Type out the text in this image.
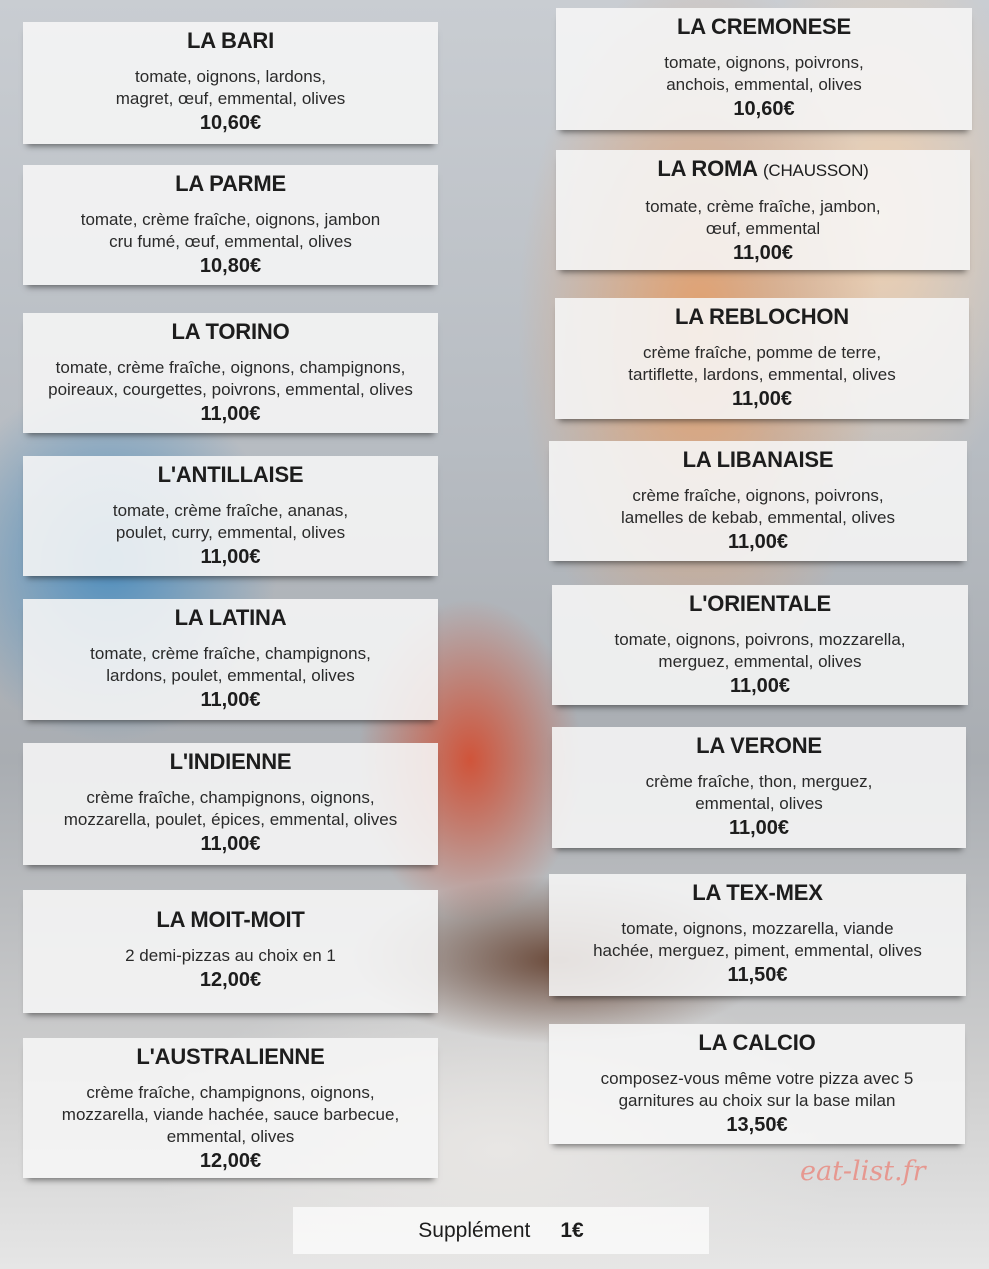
LA BARI
tomate, oignons, lardons,
magret, œuf, emmental, olives
10,60€
LA PARME
tomate, crème fraîche, oignons, jambon
cru fumé, œuf, emmental, olives
10,80€
LA TORINO
tomate, crème fraîche, oignons, champignons,
poireaux, courgettes, poivrons, emmental, olives
11,00€
L'ANTILLAISE
tomate, crème fraîche, ananas,
poulet, curry, emmental, olives
11,00€
LA LATINA
tomate, crème fraîche, champignons,
lardons, poulet, emmental, olives
11,00€
L'INDIENNE
crème fraîche, champignons, oignons,
mozzarella, poulet, épices, emmental, olives
11,00€
LA MOIT-MOIT
2 demi-pizzas au choix en 1
12,00€
L'AUSTRALIENNE
crème fraîche, champignons, oignons,
mozzarella, viande hachée, sauce barbecue,
emmental, olives
12,00€
LA CREMONESE
tomate, oignons, poivrons,
anchois, emmental, olives
10,60€
LA ROMA (CHAUSSON)
tomate, crème fraîche, jambon,
œuf, emmental
11,00€
LA REBLOCHON
crème fraîche, pomme de terre,
tartiflette, lardons, emmental, olives
11,00€
LA LIBANAISE
crème fraîche, oignons, poivrons,
lamelles de kebab, emmental, olives
11,00€
L'ORIENTALE
tomate, oignons, poivrons, mozzarella,
merguez, emmental, olives
11,00€
LA VERONE
crème fraîche, thon, merguez,
emmental, olives
11,00€
LA TEX-MEX
tomate, oignons, mozzarella, viande
hachée, merguez, piment, emmental, olives
11,50€
LA CALCIO
composez-vous même votre pizza avec 5
garnitures au choix sur la base milan
13,50€
eat-list.fr
Supplément 1€
